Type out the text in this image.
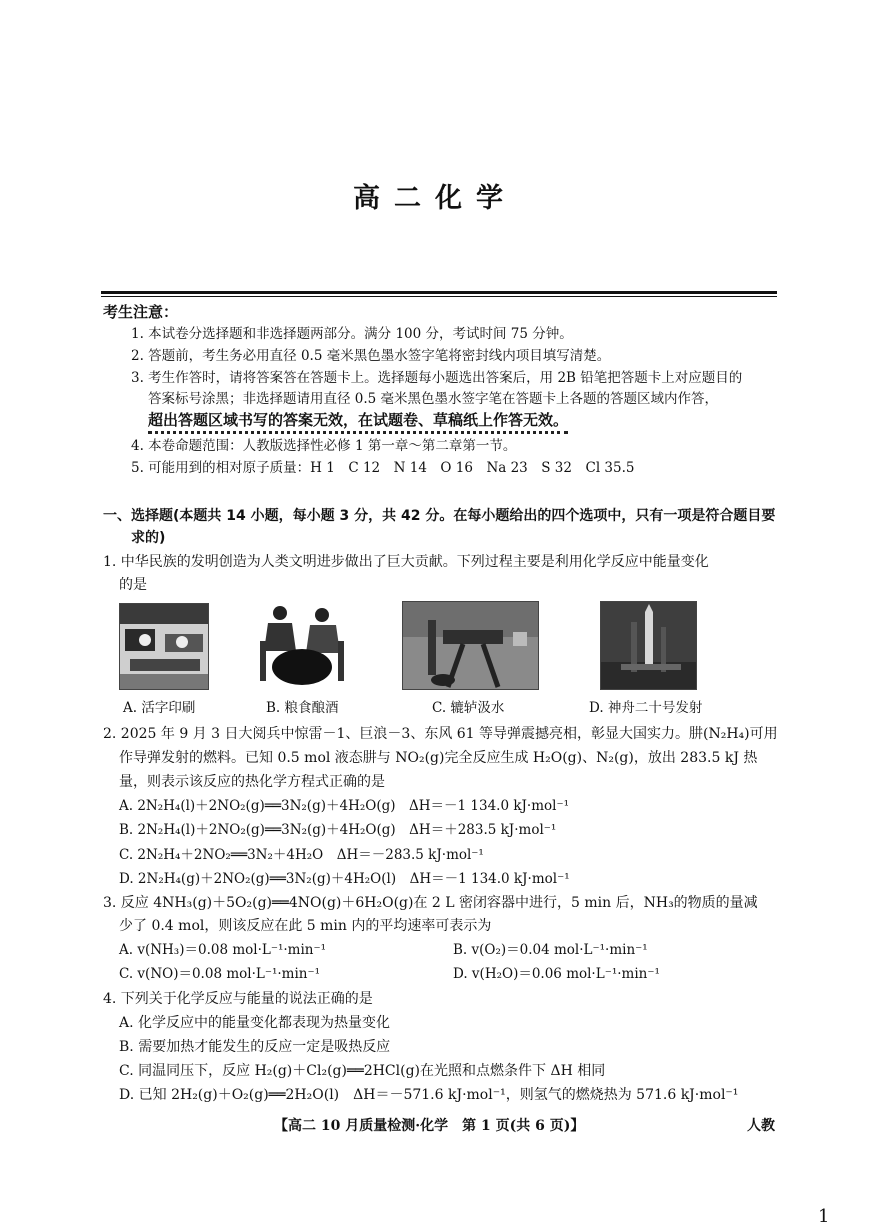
高二化学
考生注意：
1. 本试卷分选择题和非选择题两部分。满分 100 分，考试时间 75 分钟。
2. 答题前，考生务必用直径 0.5 毫米黑色墨水签字笔将密封线内项目填写清楚。
3. 考生作答时，请将答案答在答题卡上。选择题每小题选出答案后，用 2B 铅笔把答题卡上对应题目的
答案标号涂黑；非选择题请用直径 0.5 毫米黑色墨水签字笔在答题卡上各题的答题区域内作答，
超出答题区域书写的答案无效，在试题卷、草稿纸上作答无效。
4. 本卷命题范围：人教版选择性必修 1 第一章～第二章第一节。
5. 可能用到的相对原子质量：H 1　C 12　N 14　O 16　Na 23　S 32　Cl 35.5
一、选择题(本题共 14 小题，每小题 3 分，共 42 分。在每小题给出的四个选项中，只有一项是符合题目要
求的)
1. 中华民族的发明创造为人类文明进步做出了巨大贡献。下列过程主要是利用化学反应中能量变化
的是
A. 活字印刷	B. 粮食酿酒	C. 辘轳汲水	D. 神舟二十号发射
2. 2025 年 9 月 3 日大阅兵中惊雷－1、巨浪－3、东风 61 等导弹震撼亮相，彰显大国实力。肼(N₂H₄)可用
作导弹发射的燃料。已知 0.5 mol 液态肼与 NO₂(g)完全反应生成 H₂O(g)、N₂(g)，放出 283.5 kJ 热
量，则表示该反应的热化学方程式正确的是
A. 2N₂H₄(l)＋2NO₂(g)══3N₂(g)＋4H₂O(g)　ΔH＝－1 134.0 kJ·mol⁻¹
B. 2N₂H₄(l)＋2NO₂(g)══3N₂(g)＋4H₂O(g)　ΔH＝＋283.5 kJ·mol⁻¹
C. 2N₂H₄＋2NO₂══3N₂＋4H₂O　ΔH＝－283.5 kJ·mol⁻¹
D. 2N₂H₄(g)＋2NO₂(g)══3N₂(g)＋4H₂O(l)　ΔH＝－1 134.0 kJ·mol⁻¹
3. 反应 4NH₃(g)＋5O₂(g)══4NO(g)＋6H₂O(g)在 2 L 密闭容器中进行，5 min 后，NH₃的物质的量减
少了 0.4 mol，则该反应在此 5 min 内的平均速率可表示为
A. v(NH₃)＝0.08 mol·L⁻¹·min⁻¹	B. v(O₂)＝0.04 mol·L⁻¹·min⁻¹
C. v(NO)＝0.08 mol·L⁻¹·min⁻¹	D. v(H₂O)＝0.06 mol·L⁻¹·min⁻¹
4. 下列关于化学反应与能量的说法正确的是
A. 化学反应中的能量变化都表现为热量变化
B. 需要加热才能发生的反应一定是吸热反应
C. 同温同压下，反应 H₂(g)＋Cl₂(g)══2HCl(g)在光照和点燃条件下 ΔH 相同
D. 已知 2H₂(g)＋O₂(g)══2H₂O(l)　ΔH＝－571.6 kJ·mol⁻¹，则氢气的燃烧热为 571.6 kJ·mol⁻¹
【高二 10 月质量检测·化学　第 1 页(共 6 页)】	人教
1
